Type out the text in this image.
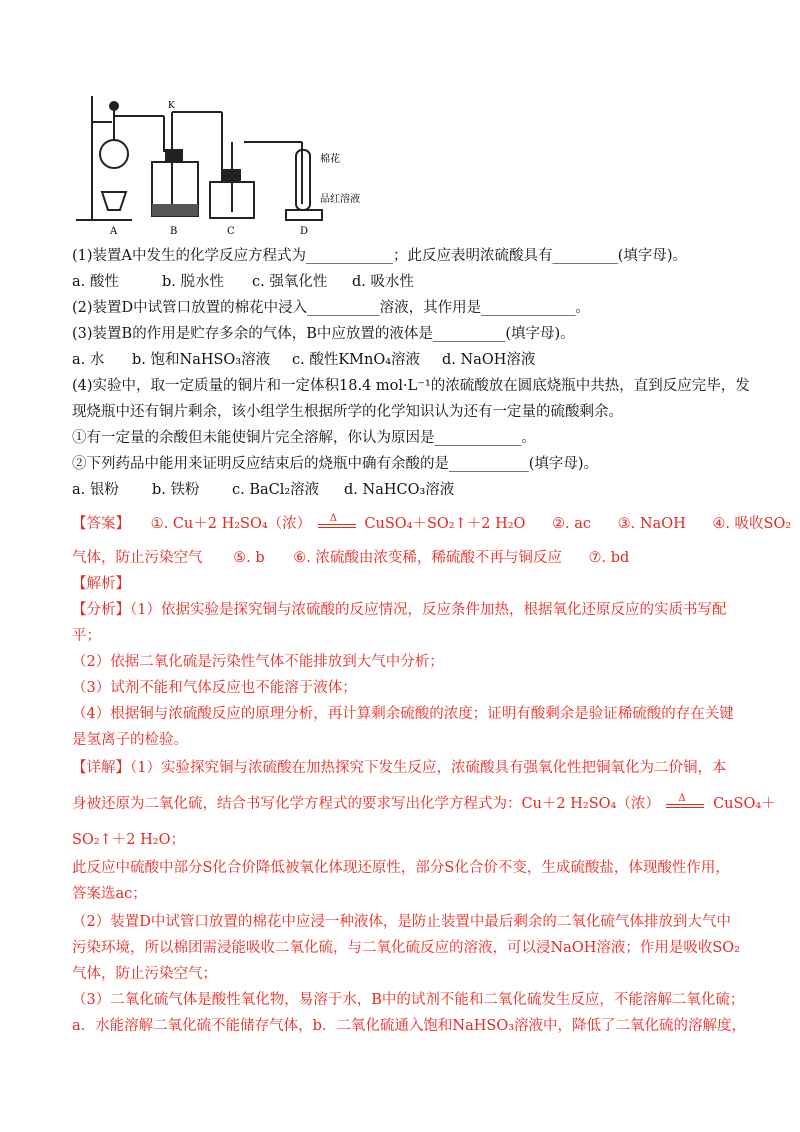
A	B	C	D
K
棉花
品红溶液
(1)装置A中发生的化学反应方程式为____________；此反应表明浓硫酸具有_________(填字母)。
a. 酸性	b. 脱水性 c. 强氧化性 d. 吸水性
(2)装置D中试管口放置的棉花中浸入__________溶液，其作用是_____________。
(3)装置B的作用是贮存多余的气体，B中应放置的液体是__________(填字母)。
a. 水 b. 饱和NaHSO₃溶液 c. 酸性KMnO₄溶液 d. NaOH溶液
(4)实验中，取一定质量的铜片和一定体积18.4 mol·L⁻¹的浓硫酸放在圆底烧瓶中共热，直到反应完毕，发
现烧瓶中还有铜片剩余，该小组学生根据所学的化学知识认为还有一定量的硫酸剩余。
①有一定量的余酸但未能使铜片完全溶解，你认为原因是____________。
②下列药品中能用来证明反应结束后的烧瓶中确有余酸的是___________(填字母)。
a. 银粉 b. 铁粉 c. BaCl₂溶液 d. NaHCO₃溶液
【答案】 ①. Cu＋2 H₂SO₄（浓） Δ CuSO₄＋SO₂↑＋2 H₂O ②. ac ③. NaOH ④. 吸收SO₂
气体，防止污染空气 ⑤. b ⑥. 浓硫酸由浓变稀，稀硫酸不再与铜反应 ⑦. bd
【解析】
【分析】（1）依据实验是探究铜与浓硫酸的反应情况，反应条件加热，根据氧化还原反应的实质书写配
平；
（2）依据二氧化硫是污染性气体不能排放到大气中分析；
（3）试剂不能和气体反应也不能溶于液体；
（4）根据铜与浓硫酸反应的原理分析，再计算剩余硫酸的浓度；证明有酸剩余是验证稀硫酸的存在关键
是氢离子的检验。
【详解】（1）实验探究铜与浓硫酸在加热探究下发生反应，浓硫酸具有强氧化性把铜氧化为二价铜，本
身被还原为二氧化硫，结合书写化学方程式的要求写出化学方程式为：Cu＋2 H₂SO₄（浓） Δ CuSO₄＋
SO₂↑＋2 H₂O；
此反应中硫酸中部分S化合价降低被氧化体现还原性，部分S化合价不变，生成硫酸盐，体现酸性作用，
答案选ac；
（2）装置D中试管口放置的棉花中应浸一种液体，是防止装置中最后剩余的二氧化硫气体排放到大气中
污染环境，所以棉团需浸能吸收二氧化硫，与二氧化硫反应的溶液，可以浸NaOH溶液；作用是吸收SO₂
气体，防止污染空气；
（3）二氧化硫气体是酸性氧化物，易溶于水，B中的试剂不能和二氧化硫发生反应，不能溶解二氧化硫；
a．水能溶解二氧化硫不能储存气体，b．二氧化硫通入饱和NaHSO₃溶液中，降低了二氧化硫的溶解度，
